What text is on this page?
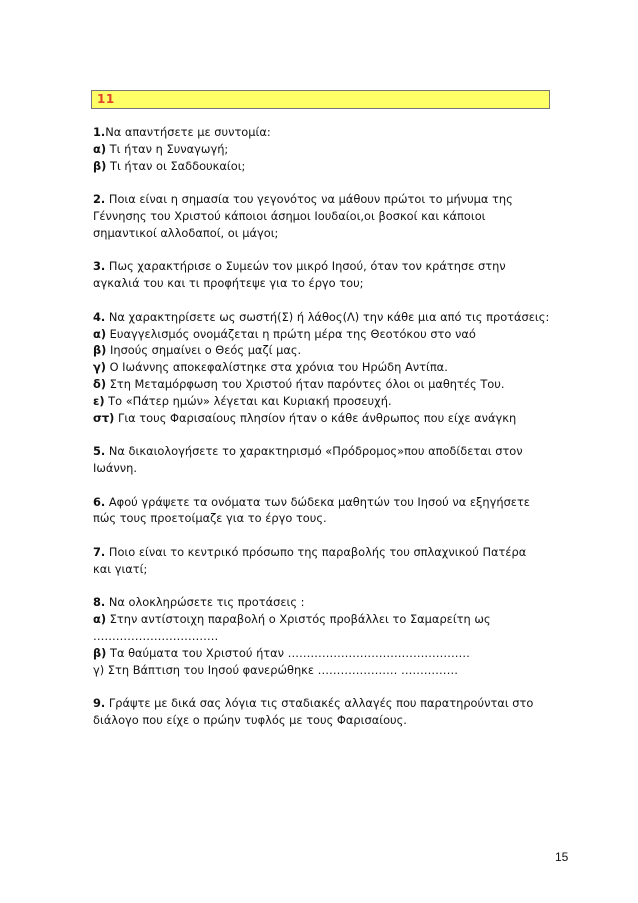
11
1.Να απαντήσετε με συντομία:
α) Τι ήταν η Συναγωγή;
β) Τι ήταν οι Σαδδουκαίοι;
2. Ποια είναι η σημασία του γεγονότος να μάθουν πρώτοι το μήνυμα της
Γέννησης του Χριστού κάποιοι άσημοι Ιουδαίοι,οι βοσκοί και κάποιοι
σημαντικοί αλλοδαποί, οι μάγοι;
3. Πως χαρακτήρισε ο Συμεών τον μικρό Ιησού, όταν τον κράτησε στην
αγκαλιά του και τι προφήτεψε για το έργο του;
4. Να χαρακτηρίσετε ως σωστή(Σ) ή λάθος(Λ) την κάθε μια από τις προτάσεις:
α) Ευαγγελισμός ονομάζεται η πρώτη μέρα της Θεοτόκου στο ναό
β) Ιησούς σημαίνει ο Θεός μαζί μας.
γ) Ο Ιωάννης αποκεφαλίστηκε στα χρόνια του Ηρώδη Αντίπα.
δ) Στη Μεταμόρφωση του Χριστού ήταν παρόντες όλοι οι μαθητές Του.
ε) Το «Πάτερ ημών» λέγεται και Κυριακή προσευχή.
στ) Για τους Φαρισαίους πλησίον ήταν ο κάθε άνθρωπος που είχε ανάγκη
5. Να δικαιολογήσετε το χαρακτηρισμό «Πρόδρομος»που αποδίδεται στον
Ιωάννη.
6. Αφού γράψετε τα ονόματα των δώδεκα μαθητών του Ιησού να εξηγήσετε
πώς τους προετοίμαζε για το έργο τους.
7. Ποιο είναι το κεντρικό πρόσωπο της παραβολής του σπλαχνικού Πατέρα
και γιατί;
8. Να ολοκληρώσετε τις προτάσεις :
α) Στην αντίστοιχη παραβολή ο Χριστός προβάλλει το Σαμαρείτη ως
……………………………
β) Τα θαύματα του Χριστού ήταν …………………………………………
γ) Στη Βάπτιση του Ιησού φανερώθηκε ………………… ……………
9. Γράψτε με δικά σας λόγια τις σταδιακές αλλαγές που παρατηρούνται στο
διάλογο που είχε ο πρώην τυφλός με τους Φαρισαίους.
15
